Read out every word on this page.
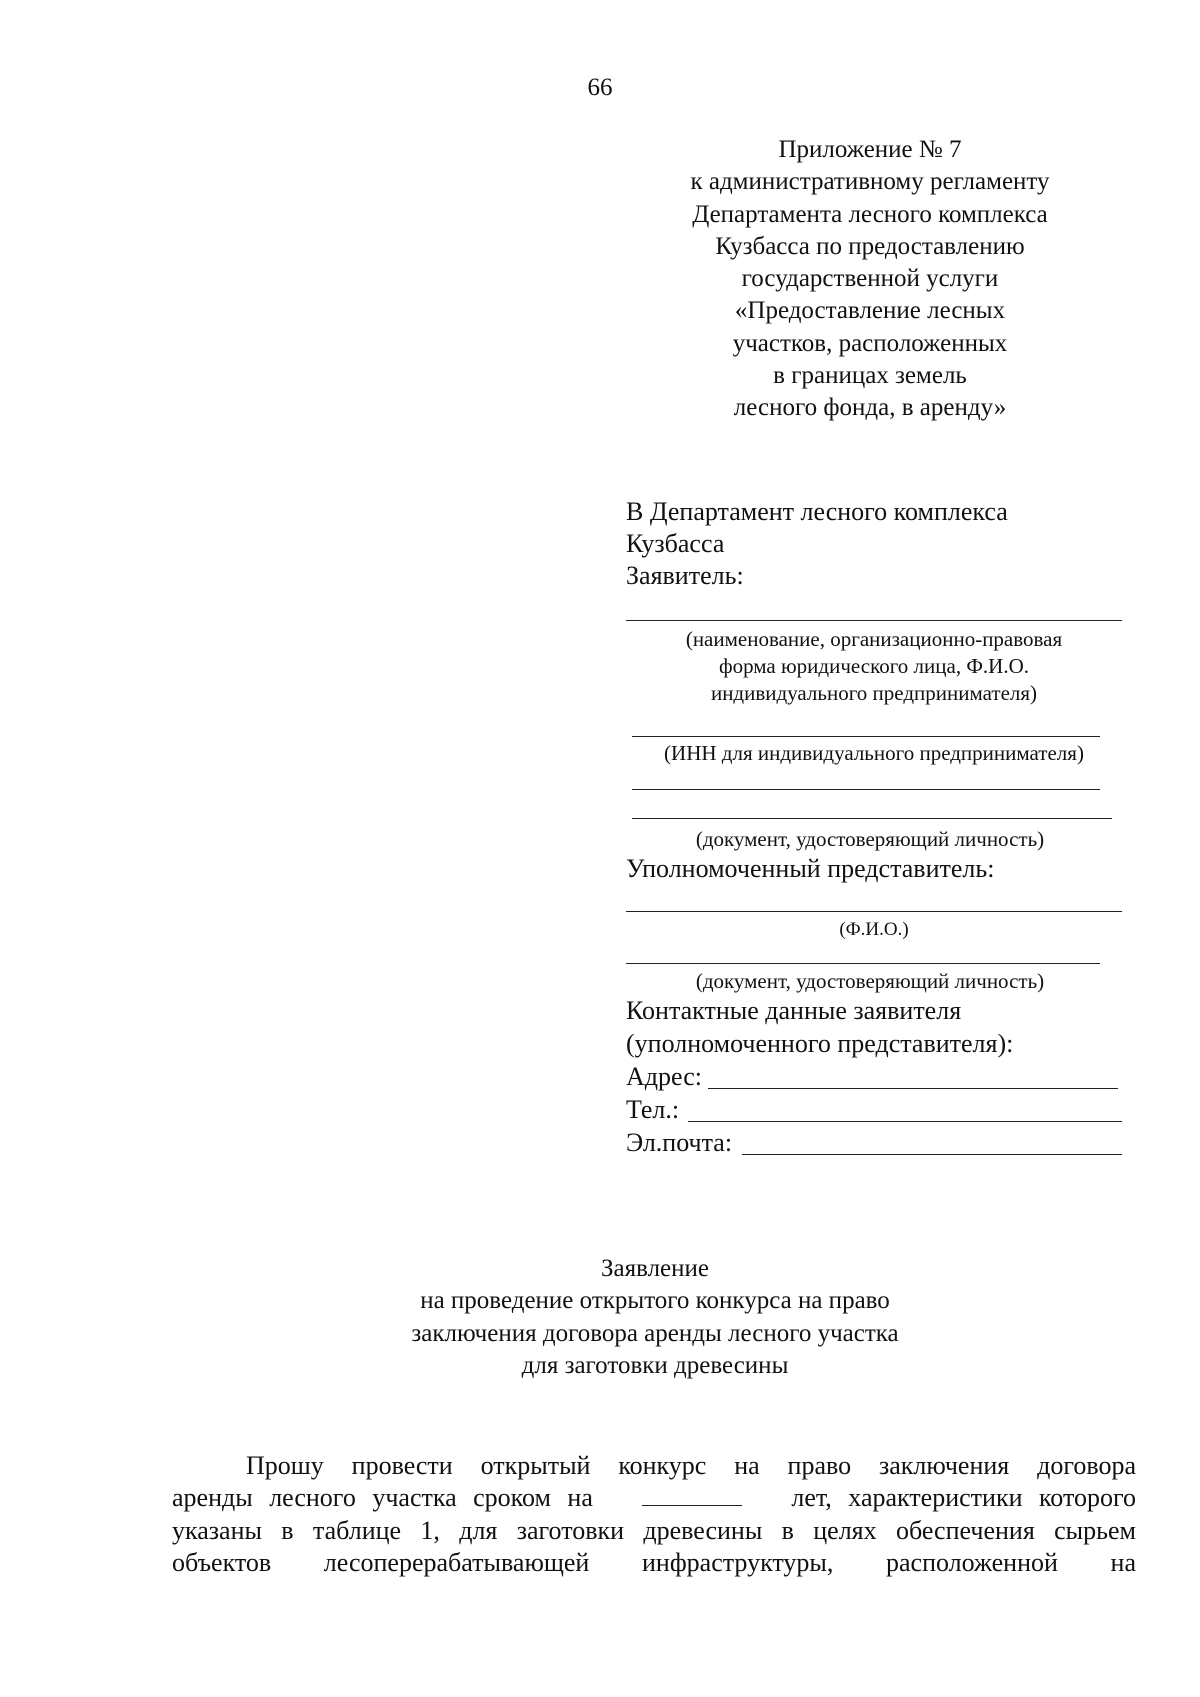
66
Приложение № 7
к административному регламенту
Департамента лесного комплекса
Кузбасса по предоставлению
государственной услуги
«Предоставление лесных
участков, расположенных
в границах земель
лесного фонда, в аренду»
В Департамент лесного комплекса
Кузбасса
Заявитель:
(наименование, организационно-правовая
форма юридического лица, Ф.И.О.
индивидуального предпринимателя)
(ИНН для индивидуального предпринимателя)
(документ, удостоверяющий личность)
Уполномоченный представитель:
(Ф.И.О.)
(документ, удостоверяющий личность)
Контактные данные заявителя
(уполномоченного представителя):
Адрес:
Тел.:
Эл.почта:
Заявление
на проведение открытого конкурса на право
заключения договора аренды лесного участка
для заготовки древесины
Прошу провести открытый конкурс на право заключения договора
аренды лесного участка сроком на	лет, характеристики которого
указаны в таблице 1, для заготовки древесины в целях обеспечения сырьем
объектов лесоперерабатывающей инфраструктуры, расположенной на
